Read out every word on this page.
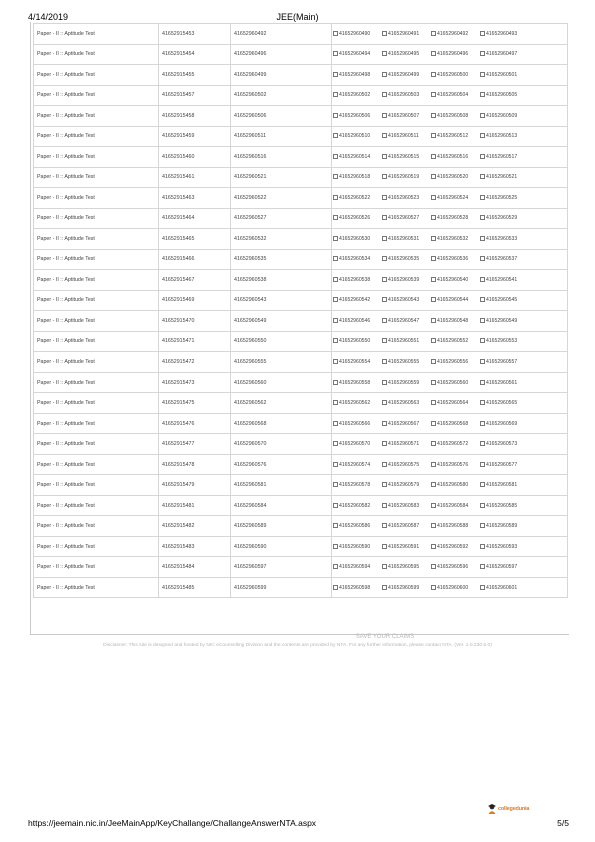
4/14/2019	JEE(Main)
SAVE YOUR CLAIMS
Paper - II :: Aptitude Test	41652915453	41652960492	41652960490 41652960491 41652960492 41652960493
Paper - II :: Aptitude Test	41652915454	41652960496	41652960494 41652960495 41652960496 41652960497
Paper - II :: Aptitude Test	41652915455	41652960499	41652960498 41652960499 41652960500 41652960501
Paper - II :: Aptitude Test	41652915457	41652960502	41652960502 41652960503 41652960504 41652960505
Paper - II :: Aptitude Test	41652915458	41652960506	41652960506 41652960507 41652960508 41652960509
Paper - II :: Aptitude Test	41652915459	41652960511	41652960510 41652960511 41652960512 41652960513
Paper - II :: Aptitude Test	41652915460	41652960516	41652960514 41652960515 41652960516 41652960517
Paper - II :: Aptitude Test	41652915461	41652960521	41652960518 41652960519 41652960520 41652960521
Paper - II :: Aptitude Test	41652915463	41652960522	41652960522 41652960523 41652960524 41652960525
Paper - II :: Aptitude Test	41652915464	41652960527	41652960526 41652960527 41652960528 41652960529
Paper - II :: Aptitude Test	41652915465	41652960532	41652960530 41652960531 41652960532 41652960533
Paper - II :: Aptitude Test	41652915466	41652960535	41652960534 41652960535 41652960536 41652960537
Paper - II :: Aptitude Test	41652915467	41652960538	41652960538 41652960539 41652960540 41652960541
Paper - II :: Aptitude Test	41652915469	41652960543	41652960542 41652960543 41652960544 41652960545
Paper - II :: Aptitude Test	41652915470	41652960549	41652960546 41652960547 41652960548 41652960549
Paper - II :: Aptitude Test	41652915471	41652960550	41652960550 41652960551 41652960552 41652960553
Paper - II :: Aptitude Test	41652915472	41652960555	41652960554 41652960555 41652960556 41652960557
Paper - II :: Aptitude Test	41652915473	41652960560	41652960558 41652960559 41652960560 41652960561
Paper - II :: Aptitude Test	41652915475	41652960562	41652960562 41652960563 41652960564 41652960565
Paper - II :: Aptitude Test	41652915476	41652960568	41652960566 41652960567 41652960568 41652960569
Paper - II :: Aptitude Test	41652915477	41652960570	41652960570 41652960571 41652960572 41652960573
Paper - II :: Aptitude Test	41652915478	41652960576	41652960574 41652960575 41652960576 41652960577
Paper - II :: Aptitude Test	41652915479	41652960581	41652960578 41652960579 41652960580 41652960581
Paper - II :: Aptitude Test	41652915481	41652960584	41652960582 41652960583 41652960584 41652960585
Paper - II :: Aptitude Test	41652915482	41652960589	41652960586 41652960587 41652960588 41652960589
Paper - II :: Aptitude Test	41652915483	41652960590	41652960590 41652960591 41652960592 41652960593
Paper - II :: Aptitude Test	41652915484	41652960597	41652960594 41652960595 41652960596 41652960597
Paper - II :: Aptitude Test	41652915485	41652960599	41652960598 41652960599 41652960600 41652960601
Disclaimer: This site is designed and hosted by NIC eCounselling Division and the contents are provided by NTA. For any further information, please contact NTA. (Ver. 1.0.230.5.0)
collegedunia
https://jeemain.nic.in/JeeMainApp/KeyChallange/ChallangeAnswerNTA.aspx	5/5
